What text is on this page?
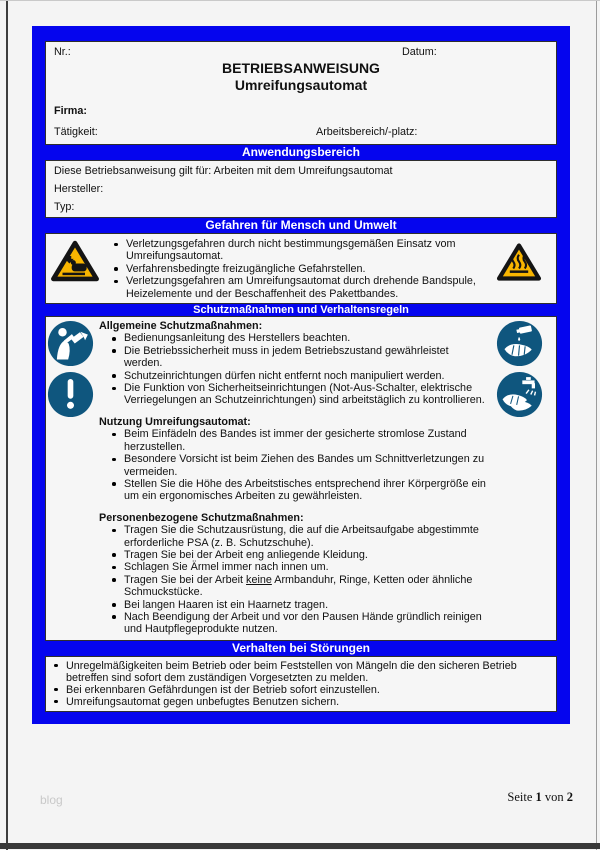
Nr.:	Datum:
BETRIEBSANWEISUNG
Umreifungsautomat
Firma:
Tätigkeit:	Arbeitsbereich/-platz:
Anwendungsbereich
Diese Betriebsanweisung gilt für: Arbeiten mit dem Umreifungsautomat
Hersteller:
Typ:
Gefahren für Mensch und Umwelt
Verletzungsgefahren durch nicht bestimmungsgemäßen Einsatz vom Umreifungsautomat.
Verfahrensbedingte freizugängliche Gefahrstellen.
Verletzungsgefahren am Umreifungsautomat durch drehende Bandspule, Heizelemente und der Beschaffenheit des Pakettbandes.
Schutzmaßnahmen und Verhaltensregeln
Allgemeine Schutzmaßnahmen:
Bedienungsanleitung des Herstellers beachten.
Die Betriebssicherheit muss in jedem Betriebszustand gewährleistet werden.
Schutzeinrichtungen dürfen nicht entfernt noch manipuliert werden.
Die Funktion von Sicherheitseinrichtungen (Not-Aus-Schalter, elektrische Verriegelungen an Schutzeinrichtungen) sind arbeitstäglich zu kontrollieren.
Nutzung Umreifungsautomat:
Beim Einfädeln des Bandes ist immer der gesicherte stromlose Zustand herzustellen.
Besondere Vorsicht ist beim Ziehen des Bandes um Schnittverletzungen zu vermeiden.
Stellen Sie die Höhe des Arbeitstisches entsprechend ihrer Körpergröße ein um ein ergonomisches Arbeiten zu gewährleisten.
Personenbezogene Schutzmaßnahmen:
Tragen Sie die Schutzausrüstung, die auf die Arbeitsaufgabe abgestimmte erforderliche PSA (z. B. Schutzschuhe).
Tragen Sie bei der Arbeit eng anliegende Kleidung.
Schlagen Sie Ärmel immer nach innen um.
Tragen Sie bei der Arbeit keine Armbanduhr, Ringe, Ketten oder ähnliche Schmuckstücke.
Bei langen Haaren ist ein Haarnetz tragen.
Nach Beendigung der Arbeit und vor den Pausen Hände gründlich reinigen und Hautpflegeprodukte nutzen.
Verhalten bei Störungen
Unregelmäßigkeiten beim Betrieb oder beim Feststellen von Mängeln die den sicheren Betrieb betreffen sind sofort dem zuständigen Vorgesetzten zu melden.
Bei erkennbaren Gefährdungen ist der Betrieb sofort einzustellen.
Umreifungsautomat gegen unbefugtes Benutzen sichern.
blog	Seite 1 von 2
